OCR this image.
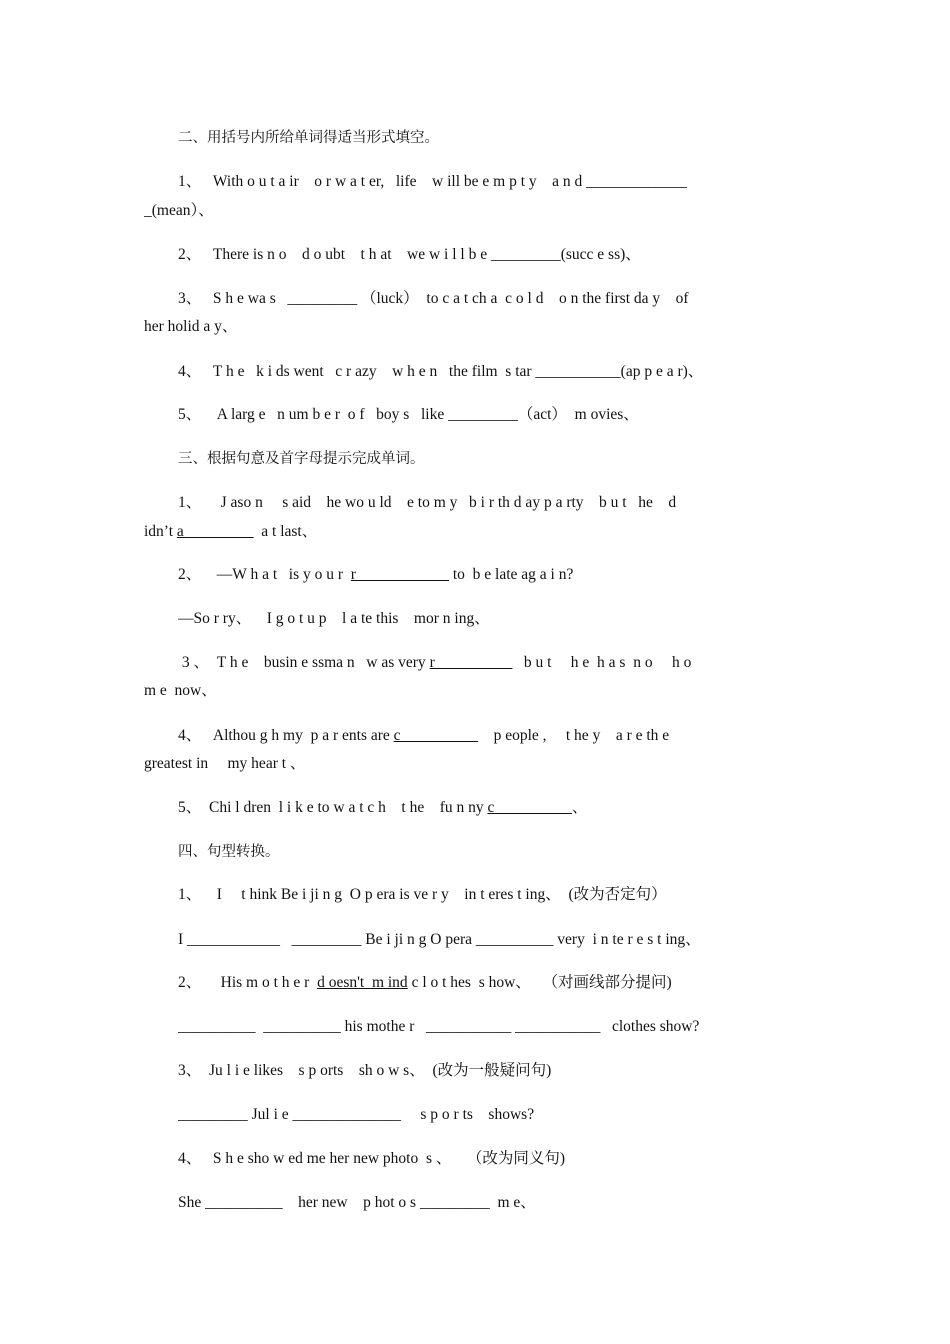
二、用括号内所给单词得适当形式填空。
1、   With o u t a ir    o r w a t er,   life    w ill be e m p t y    a n d _____________
_(mean）、
2、   There is n o    d o ubt    t h at    we w i l l b e _________(succ e ss)、
3、   S h e wa s   _________ （luck）  to c a t ch a  c o l d    o n the first da y    of
her holid a y、
4、   T h e   k i ds went   c r azy    w h e n   the film  s tar ___________(ap p e a r)、
5、    A larg e   n um b e r  o f   boy s   like _________（act）  m ovies、
三、根据句意及首字母提示完成单词。
1、     J aso n     s aid    he wo u ld    e to m y   b i r th d ay p a rty    b u t   he    d
idn’t a_________  a t last、
2、    —W h a t   is y o u r  r____________ to  b e late ag a i n?
—So r ry、    I g o t u p    l a te this    mor n ing、
3 、  T h e    busin e ssma n   w as very r__________   b u t     h e  h a s  n o     h o
m e  now、
4、   Althou g h my  p a r ents are c__________    p eople ,     t he y    a r e th e
greatest in     my hear t 、
5、  Chi l dren  l i k e to w a t c h    t he    fu n ny c__________、
四、句型转换。
1、    I     t hink Be i ji n g  O p era is ve r y    in t eres t ing、  (改为否定句）
I ____________   _________ Be i ji n g O pera __________ very  i n te r e s t ing、
2、     His m o t h e r  d oesn't  m ind c l o t hes  s how、   （对画线部分提问)
__________  __________ his mothe r   ___________ ___________   clothes show?
3、  Ju l i e likes    s p orts    sh o w s、  (改为一般疑问句)
_________ Jul i e ______________     s p o r ts    shows?
4、   S h e sho w ed me her new photo  s 、    （改为同义句)
She __________    her new    p hot o s _________  m e、
